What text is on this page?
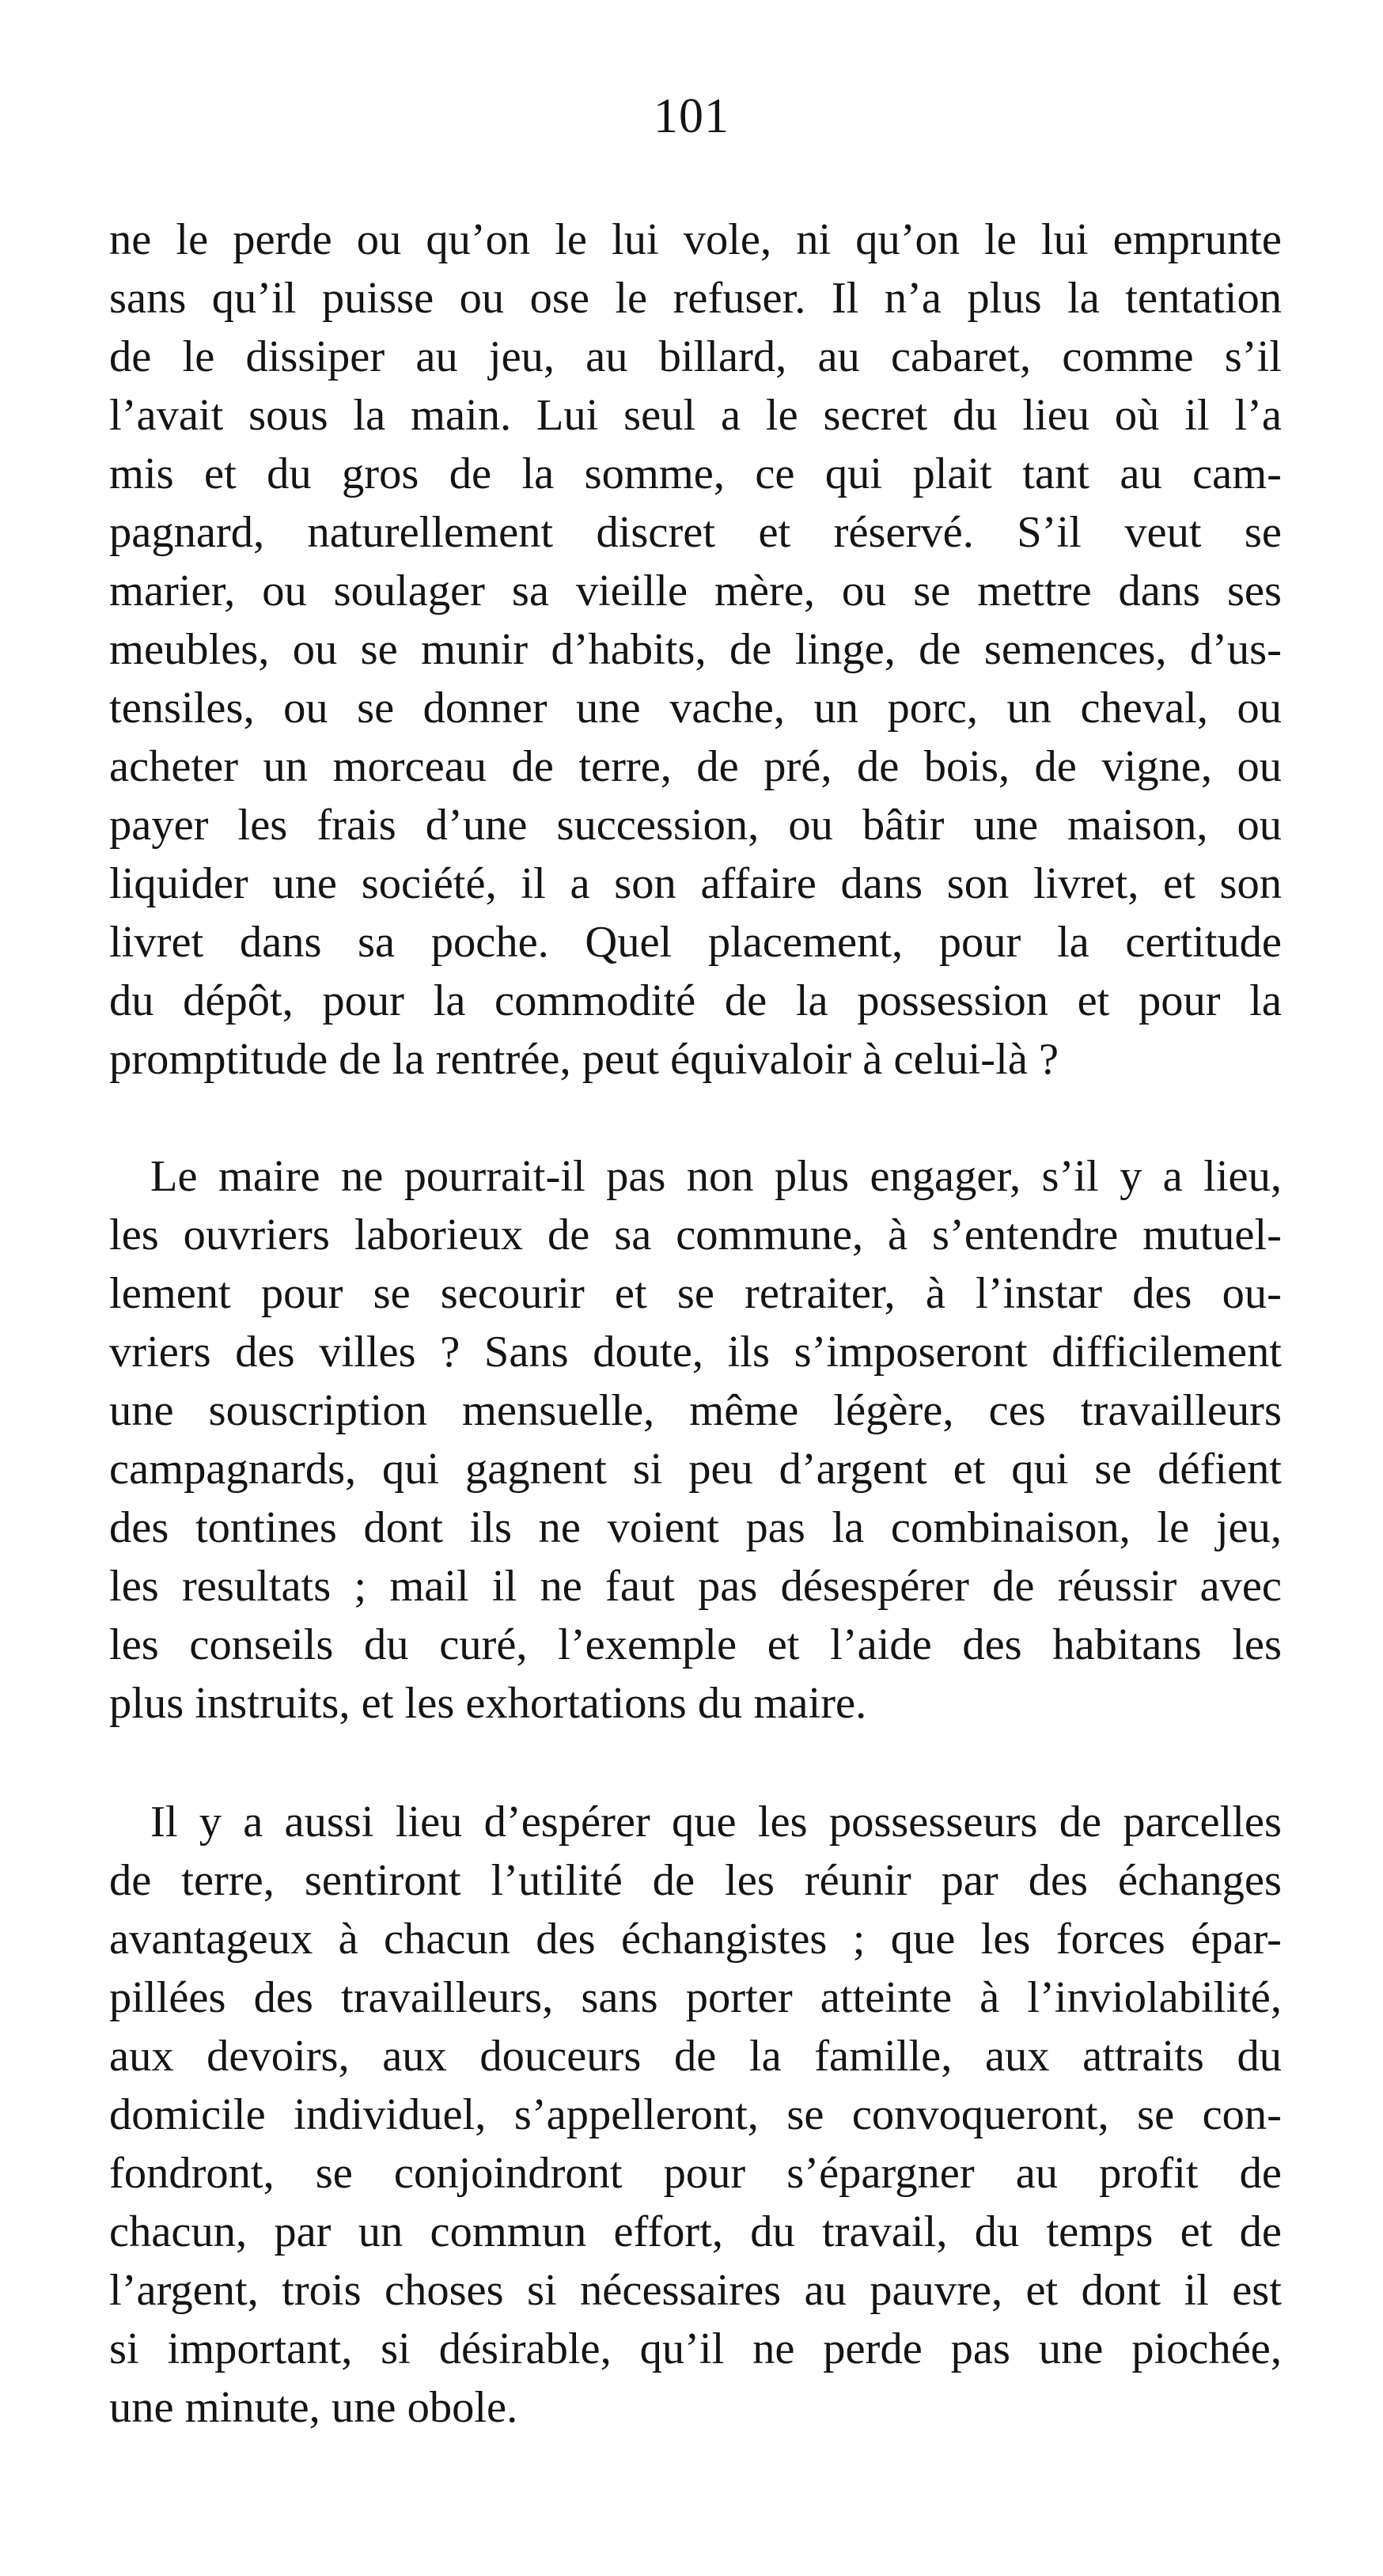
101
ne le perde ou qu’on le lui vole, ni qu’on le lui emprunte
sans qu’il puisse ou ose le refuser. Il n’a plus la tentation
de le dissiper au jeu, au billard, au cabaret, comme s’il
l’avait sous la main. Lui seul a le secret du lieu où il l’a
mis et du gros de la somme, ce qui plait tant au cam-
pagnard, naturellement discret et réservé. S’il veut se
marier, ou soulager sa vieille mère, ou se mettre dans ses
meubles, ou se munir d’habits, de linge, de semences, d’us-
tensiles, ou se donner une vache, un porc, un cheval, ou
acheter un morceau de terre, de pré, de bois, de vigne, ou
payer les frais d’une succession, ou bâtir une maison, ou
liquider une société, il a son affaire dans son livret, et son
livret dans sa poche. Quel placement, pour la certitude
du dépôt, pour la commodité de la possession et pour la
promptitude de la rentrée, peut équivaloir à celui-là ?
Le maire ne pourrait-il pas non plus engager, s’il y a lieu,
les ouvriers laborieux de sa commune, à s’entendre mutuel-
lement pour se secourir et se retraiter, à l’instar des ou-
vriers des villes ? Sans doute, ils s’imposeront difficilement
une souscription mensuelle, même légère, ces travailleurs
campagnards, qui gagnent si peu d’argent et qui se défient
des tontines dont ils ne voient pas la combinaison, le jeu,
les resultats ; mail il ne faut pas désespérer de réussir avec
les conseils du curé, l’exemple et l’aide des habitans les
plus instruits, et les exhortations du maire.
Il y a aussi lieu d’espérer que les possesseurs de parcelles
de terre, sentiront l’utilité de les réunir par des échanges
avantageux à chacun des échangistes ; que les forces épar-
pillées des travailleurs, sans porter atteinte à l’inviolabilité,
aux devoirs, aux douceurs de la famille, aux attraits du
domicile individuel, s’appelleront, se convoqueront, se con-
fondront, se conjoindront pour s’épargner au profit de
chacun, par un commun effort, du travail, du temps et de
l’argent, trois choses si nécessaires au pauvre, et dont il est
si important, si désirable, qu’il ne perde pas une piochée,
une minute, une obole.
